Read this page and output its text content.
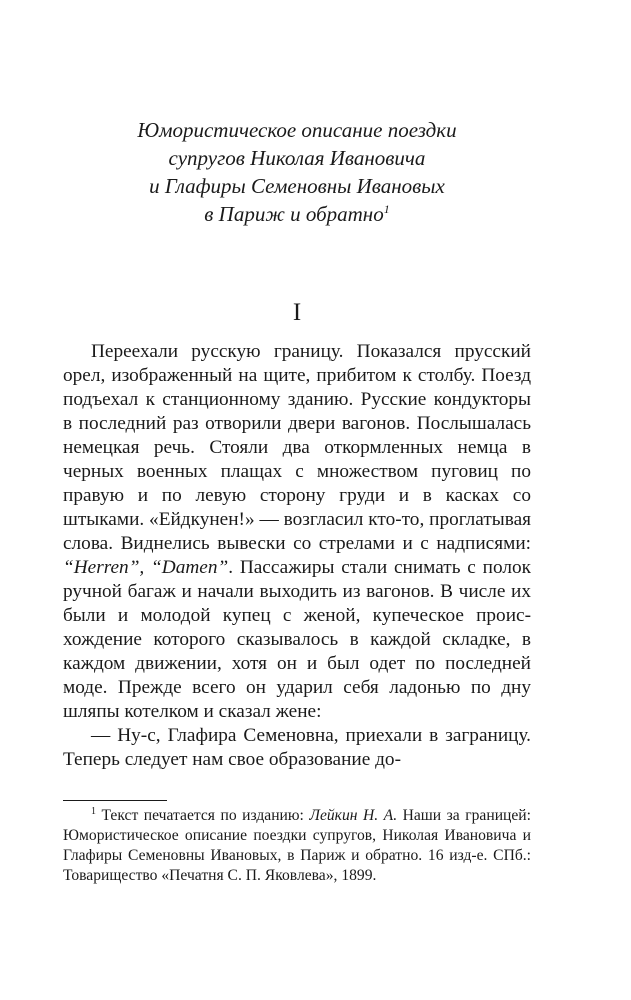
Юмористическое описание поездки
супругов Николая Ивановича
и Глафиры Семеновны Ивановых
в Париж и обратно$^1$
I

Переехали русскую границу. Показался прусский орел, изображенный на щите, прибитом к столбу. Поезд подъехал к станционному зданию. Русские кондукторы в последний раз отворили двери вагонов. Послышалась немецкая речь. Стояли два откормленных немца в черных военных плащах с множеством пуговиц по правую и по левую сторону груди и в касках со штыками. «Ейдкунен!» — возгласил кто-то, проглатывая слова. Виднелись вывески со стрелами и с надписями: “Herren”, “Damen”. Пассажиры стали снимать с полок ручной багаж и начали выходить из вагонов. В числе их были и молодой купец с женой, купеческое происхождение которого сказывалось в каждой складке, в каждом движении, хотя он и был одет по последней моде. Прежде всего он ударил себя ладонью по дну шляпы котелком и сказал жене:

— Ну-с, Глафира Семеновна, приехали в заграницу. Теперь следует нам свое образование до-

$^1$ Текст печатается по изданию: Лейкин Н. А. Наши за границей: Юмористическое описание поездки супругов, Николая Ивановича и Глафиры Семеновны Ивановых, в Париж и обратно. 16 изд-е. СПб.: Товарищество «Печатня С. П. Яковлева», 1899.
